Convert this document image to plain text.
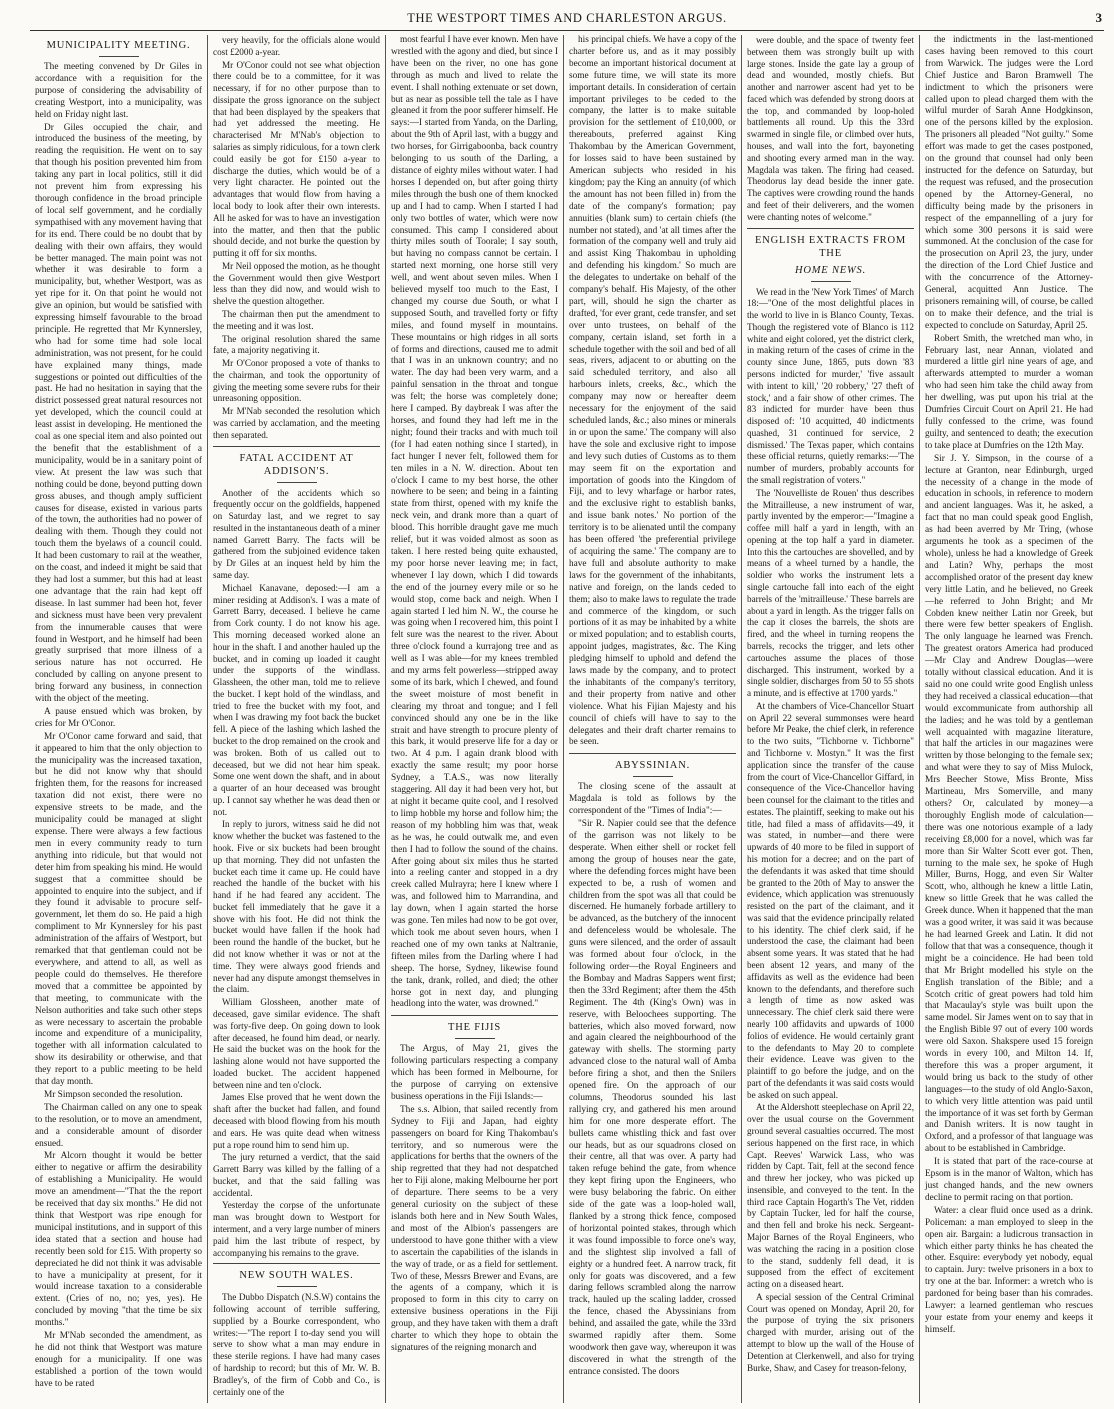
THE WESTPORT TIMES AND CHARLESTON ARGUS.	3
MUNICIPALITY MEETING.

The meeting convened by Dr Giles in accordance with a requisition for the purpose of considering the advisability of creating Westport, into a municipality, was held on Friday night last.

Dr Giles occupied the chair, and introduced the business of the meeting, by reading the requisition. He went on to say that though his position prevented him from taking any part in local politics, still it did not prevent him from expressing his thorough confidence in the broad principle of local self government, and he cordially sympathised with any movement having that for its end. There could be no doubt that by dealing with their own affairs, they would be better managed. The main point was not whether it was desirable to form a municipality, but, whether Westport, was as yet ripe for it. On that point he would not give an opinion, but would be satisfied with expressing himself favourable to the broad principle. He regretted that Mr Kynnersley, who had for some time had sole local administration, was not present, for he could have explained many things, made suggestions or pointed out difficulties of the past. He had no hesitation in saying that the district possessed great natural resources not yet developed, which the council could at least assist in developing. He mentioned the coal as one special item and also pointed out the benefit that the establishment of a municipality, would be in a sanitary point of view. At present the law was such that nothing could be done, beyond putting down gross abuses, and though amply sufficient causes for disease, existed in various parts of the town, the authorities had no power of dealing with them. Though they could not touch them the byelaws of a council could. It had been customary to rail at the weather, on the coast, and indeed it might be said that they had lost a summer, but this had at least one advantage that the rain had kept off disease. In last summer had been hot, fever and sickness must have been very prevalent from the innumerable causes that were found in Westport, and he himself had been greatly surprised that more illness of a serious nature has not occurred. He concluded by calling on anyone present to bring forward any business, in connection with the object of the meeting.

A pause ensued which was broken, by cries for Mr O'Conor.

Mr O'Conor came forward and said, that it appeared to him that the only objection to the municipality was the increased taxation, but he did not know why that should frighten them, for the reasons for increased taxation did not exist, there were no expensive streets to be made, and the municipality could be managed at slight expense. There were always a few factious men in every community ready to turn anything into ridicule, but that would not deter him from speaking his mind. He would suggest that a committee should be appointed to enquire into the subject, and if they found it advisable to procure self-government, let them do so. He paid a high compliment to Mr Kynnersley for his past administration of the affairs of Westport, but remarked that that gentleman could not be everywhere, and attend to all, as well as people could do themselves. He therefore moved that a committee be appointed by that meeting, to communicate with the Nelson authorities and take such other steps as were necessary to ascertain the probable income and expenditure of a municipality, together with all information calculated to show its desirability or otherwise, and that they report to a public meeting to be held that day month.

Mr Simpson seconded the resolution.

The Chairman called on any one to speak to the resolution, or to move an amendment, and a considerable amount of disorder ensued.

Mr Alcorn thought it would be better either to negative or affirm the desirability of establishing a Municipality. He would move an amendment—"That the the report be received that day six months." He did not think that Westport was ripe enough for municipal institutions, and in support of this idea stated that a section and house had recently been sold for £15. With property so depreciated he did not think it was advisable to have a municipality at present, for it would increase taxation to a considerable extent. (Cries of no, no; yes, yes). He concluded by moving "that the time be six months."

Mr M'Nab seconded the amendment, as he did not think that Westport was mature enough for a municipality. If one was established a portion of the town would have to be rated

very heavily, for the officials alone would cost £2000 a-year.

Mr O'Conor could not see what objection there could be to a committee, for it was necessary, if for no other purpose than to dissipate the gross ignorance on the subject that had been displayed by the speakers that had yet addressed the meeting. He characterised Mr M'Nab's objection to salaries as simply ridiculous, for a town clerk could easily be got for £150 a-year to discharge the duties, which would be of a very light character. He pointed out the advantages that would flow from having a local body to look after their own interests. All he asked for was to have an investigation into the matter, and then that the public should decide, and not burke the question by putting it off for six months.

Mr Neil opposed the motion, as he thought the Government would then give Westport less than they did now, and would wish to shelve the question altogether.

The chairman then put the amendment to the meeting and it was lost.

The original resolution shared the same fate, a majority negativing it.

Mr O'Conor proposed a vote of thanks to the chairman, and took the opportunity of giving the meeting some severe rubs for their unreasoning opposition.

Mr M'Nab seconded the resolution which was carried by acclamation, and the meeting then separated.

FATAL ACCIDENT AT ADDISON'S.

Another of the accidents which so frequently occur on the goldfields, happened on Saturday last, and we regret to say resulted in the instantaneous death of a miner named Garrett Barry. The facts will be gathered from the subjoined evidence taken by Dr Giles at an inquest held by him the same day.

Michael Kanavane, deposed:—I am a miner residing at Addison's. I was a mate of Garrett Barry, deceased. I believe he came from Cork county. I do not know his age. This morning deceased worked alone an hour in the shaft. I and another hauled up the bucket, and in coming up loaded it caught under the supports of the windlass. Glassheen, the other man, told me to relieve the bucket. I kept hold of the windlass, and tried to free the bucket with my foot, and when I was drawing my foot back the bucket fell. A piece of the lashing which lashed the bucket to the drop remained on the crook and was broken. Both of us called out to deceased, but we did not hear him speak. Some one went down the shaft, and in about a quarter of an hour deceased was brought up. I cannot say whether he was dead then or not.

In reply to jurors, witness said he did not know whether the bucket was fastened to the hook. Five or six buckets had been brought up that morning. They did not unfasten the bucket each time it came up. He could have reached the handle of the bucket with his hand if he had feared any accident. The bucket fell immediately that he gave it a shove with his foot. He did not think the bucket would have fallen if the hook had been round the handle of the bucket, but he did not know whether it was or not at the time. They were always good friends and never had any dispute amongst themselves in the claim.

William Glossheen, another mate of deceased, gave similar evidence. The shaft was forty-five deep. On going down to look after deceased, he found him dead, or nearly. He said the bucket was on the hook for the lashing alone would not have supported the loaded bucket. The accident happened between nine and ten o'clock.

James Else proved that he went down the shaft after the bucket had fallen, and found deceased with blood flowing from his mouth and ears. He was quite dead when witness put a rope round him to send him up.

The jury returned a verdict, that the said Garrett Barry was killed by the falling of a bucket, and that the said falling was accidental.

Yesterday the corpse of the unfortunate man was brought down to Westport for interment, and a very large number of miners paid him the last tribute of respect, by accompanying his remains to the grave.

NEW SOUTH WALES.

The Dubbo Dispatch (N.S.W) contains the following account of terrible suffering, supplied by a Bourke correspondent, who writes:—"The report I to-day send you will serve to show what a man may endure in these sterile regions. I have had many cases of hardship to record; but this of Mr. W. B. Bradley's, of the firm of Cobb and Co., is certainly one of the

most fearful I have ever known. Men have wrestled with the agony and died, but since I have been on the river, no one has gone through as much and lived to relate the event. I shall nothing extenuate or set down, but as near as possible tell the tale as I have gleaned it from the poor sufferer himself. He says:—I started from Yanda, on the Darling, about the 9th of April last, with a buggy and two horses, for Girrigaboonba, back country belonging to us south of the Darling, a distance of eighty miles without water. I had horses I depended on, but after going thirty miles through the bush one of them knocked up and I had to camp. When I started I had only two bottles of water, which were now consumed. This camp I considered about thirty miles south of Toorale; I say south, but having no compass cannot be certain. I started next morning, one horse still very well, and went about seven miles. When I believed myself too much to the East, I changed my course due South, or what I supposed South, and travelled forty or fifty miles, and found myself in mountains. These mountains or high ridges in all sorts of forms and directions, caused me to admit that I was in an unknown country; and no water. The day had been very warm, and a painful sensation in the throat and tongue was felt; the horse was completely done; here I camped. By daybreak I was after the horses, and found they had left me in the night; found their tracks and with much toil (for I had eaten nothing since I started), in fact hunger I never felt, followed them for ten miles in a N. W. direction. About ten o'clock I came to my best horse, the other nowhere to be seen; and being in a fainting state from thirst, opened with my knife the neck vein, and drank more than a quart of blood. This horrible draught gave me much relief, but it was voided almost as soon as taken. I here rested being quite exhausted, my poor horse never leaving me; in fact, whenever I lay down, which I did towards the end of the journey every mile or so he would stop, come back and neigh. When I again started I led him N. W., the course he was going when I recovered him, this point I felt sure was the nearest to the river. About three o'clock found a kurrajong tree and as well as I was able—for my knees trembled and my arms felt powerless—stripped away some of its bark, which I chewed, and found the sweet moisture of most benefit in clearing my throat and tongue; and I fell convinced should any one be in the like strait and have strength to procure plenty of this bark, it would preserve life for a day or two. At 4 p.m. I again drank blood with exactly the same result; my poor horse Sydney, a T.A.S., was now literally staggering. All day it had been very hot, but at night it became quite cool, and I resolved to limp hobble my horse and follow him; the reason of my hobbling him was that, weak as he was, he could outwalk me, and even then I had to follow the sound of the chains. After going about six miles thus he started into a reeling canter and stopped in a dry creek called Mulrayra; here I knew where I was, and followed him to Marrandina, and lay down, when I again started the horse was gone. Ten miles had now to be got over, which took me about seven hours, when I reached one of my own tanks at Naltranie, fifteen miles from the Darling where I had sheep. The horse, Sydney, likewise found the tank, drank, rolled, and died; the other horse got in next day, and plunging headlong into the water, was drowned."

THE FIJIS

The Argus, of May 21, gives the following particulars respecting a company which has been formed in Melbourne, for the purpose of carrying on extensive business operations in the Fiji Islands:—

The s.s. Albion, that sailed recently from Sydney to Fiji and Japan, had eighty passengers on board for King Thakombau's territory, and so numerous were the applications for berths that the owners of the ship regretted that they had not despatched her to Fiji alone, making Melbourne her port of departure. There seems to be a very general curiosity on the subject of these islands both here and in New South Wales, and most of the Albion's passengers are understood to have gone thither with a view to ascertain the capabilities of the islands in the way of trade, or as a field for settlement. Two of these, Messrs Brewer and Evans, are the agents of a company, which it is proposed to form in this city to carry on extensive business operations in the Fiji group, and they have taken with them a draft charter to which they hope to obtain the signatures of the reigning monarch and

his principal chiefs. We have a copy of the charter before us, and as it may possibly become an important historical document at some future time, we will state its more important details. In consideration of certain important privileges to be ceded to the company, the latter is to make suitable provision for the settlement of £10,000, or thereabouts, preferred against King Thakombau by the American Government, for losses said to have been sustained by American subjects who resided in his kingdom; pay the King an annuity (of which the amount has not been filled in) from the date of the company's formation; pay annuities (blank sum) to certain chiefs (the number not stated), and 'at all times after the formation of the company well and truly aid and assist King Thakombau in upholding and defending his kingdom.' So much are the delegates to undertake on behalf of the company's behalf. His Majesty, of the other part, will, should he sign the charter as drafted, 'for ever grant, cede transfer, and set over unto trustees, on behalf of the company, certain island, set forth in a schedule together with the soil and bed of all seas, rivers, adjacent to or abutting on the said scheduled territory, and also all harbours inlets, creeks, &c., which the company may now or hereafter deem necessary for the enjoyment of the said scheduled lands, &c.; also mines or minerals in or upon the same.' The company will also have the sole and exclusive right to impose and levy such duties of Customs as to them may seem fit on the exportation and importation of goods into the Kingdom of Fiji, and to levy wharfage or harbor rates, and the exclusive right to establish banks, and issue bank notes.' No portion of the territory is to be alienated until the company has been offered 'the preferential privilege of acquiring the same.' The company are to have full and absolute authority to make laws for the government of the inhabitants, native and foreign, on the lands ceded to them; also to make laws to regulate the trade and commerce of the kingdom, or such portions of it as may be inhabited by a white or mixed population; and to establish courts, appoint judges, magistrates, &c. The King pledging himself to uphold and defend the laws made by the company, and to protect the inhabitants of the company's territory, and their property from native and other violence. What his Fijian Majesty and his council of chiefs will have to say to the delegates and their draft charter remains to be seen.

ABYSSINIAN.

The closing scene of the assault at Magdala is told as follows by the correspondent of the "Times of India":—

"Sir R. Napier could see that the defence of the garrison was not likely to be desperate. When either shell or rocket fell among the group of houses near the gate, where the defending forces might have been expected to be, a rush of women and children from the spot was all that could be discerned. He humanely forbade artillery to be advanced, as the butchery of the innocent and defenceless would be wholesale. The guns were silenced, and the order of assault was formed about four o'clock, in the following order—the Royal Engineers and the Bombay and Madras Sappers went first; then the 33rd Regiment; after them the 45th Regiment. The 4th (King's Own) was in reserve, with Beloochees supporting. The batteries, which also moved forward, now and again cleared the neighbourhood of the gateway with shells. The storming party advanced close to the natural wall of Amba before firing a shot, and then the Snilers opened fire. On the approach of our columns, Theodorus sounded his last rallying cry, and gathered his men around him for one more desperate effort. The bullets came whistling thick and fast over our heads, but as our squadrons closed on their centre, all that was over. A party had taken refuge behind the gate, from whence they kept firing upon the Engineers, who were busy belaboring the fabric. On either side of the gate was a loop-holed wall, flanked by a strong thick fence, composed of horizontal pointed stakes, through which it was found impossible to force one's way, and the slightest slip involved a fall of eighty or a hundred feet. A narrow track, fit only for goats was discovered, and a few daring fellows scrambled along the narrow track, hauled up the scaling ladder, crossed the fence, chased the Abyssinians from behind, and assailed the gate, while the 33rd swarmed rapidly after them. Some woodwork then gave way, whereupon it was discovered in what the strength of the entrance consisted. The doors

were double, and the space of twenty feet between them was strongly built up with large stones. Inside the gate lay a group of dead and wounded, mostly chiefs. But another and narrower ascent had yet to be faced which was defended by strong doors at the top, and commanded by loop-holed battlements all round. Up this the 33rd swarmed in single file, or climbed over huts, houses, and wall into the fort, bayoneting and shooting every armed man in the way. Magdala was taken. The firing had ceased. Theodorus lay dead beside the inner gate. The captives were crowding round the hands and feet of their deliverers, and the women were chanting notes of welcome."

ENGLISH EXTRACTS FROM THE
HOME NEWS.

We read in the 'New York Times' of March 18:—"One of the most delightful places in the world to live in is Blanco County, Texas. Though the registered vote of Blanco is 112 white and eight colored, yet the district clerk, in making return of the cases of crime in the county since June, 1865, puts down '83 persons indicted for murder,' 'five assault with intent to kill,' '20 robbery,' '27 theft of stock,' and a fair show of other crimes. The 83 indicted for murder have been thus disposed of: '10 acquitted, 40 indictments quashed, 31 continued for service, 2 dismissed.' The Texas paper, which contains these official returns, quietly remarks:—'The number of murders, probably accounts for the small registration of voters."

The 'Nouvelliste de Rouen' thus describes the Mitrailleuse, a new instrument of war, partly invented by the emperor:—"Imagine a coffee mill half a yard in length, with an opening at the top half a yard in diameter. Into this the cartouches are shovelled, and by means of a wheel turned by a handle, the soldier who works the instrument lets a single cartouche fall into each of the eight barrels of the 'mitrailleuse.' These barrels are about a yard in length. As the trigger falls on the cap it closes the barrels, the shots are fired, and the wheel in turning reopens the barrels, recocks the trigger, and lets other cartouches assume the places of those discharged. This instrument, worked by a single soldier, discharges from 50 to 55 shots a minute, and is effective at 1700 yards."

At the chambers of Vice-Chancellor Stuart on April 22 several summonses were heard before Mr Peake, the chief clerk, in reference to the two suits, "Tichborne v. Tichborne" and Tichborne v. Mostyn." It was the first application since the transfer of the cause from the court of Vice-Chancellor Giffard, in consequence of the Vice-Chancellor having been counsel for the claimant to the titles and estates. The plaintiff, seeking to make out his title, had filed a mass of affidavits—49, it was stated, in number—and there were upwards of 40 more to be filed in support of his motion for a decree; and on the part of the defendants it was asked that time should be granted to the 20th of May to answer the evidence, which application was strenuously resisted on the part of the claimant, and it was said that the evidence principally related to his identity. The chief clerk said, if he understood the case, the claimant had been absent some years. It was stated that he had been absent 12 years, and many of the affidavits as well as the evidence had been known to the defendants, and therefore such a length of time as now asked was unnecessary. The chief clerk said there were nearly 100 affidavits and upwards of 1000 folios of evidence. He would certainly grant to the defendants to May 20 to complete their evidence. Leave was given to the plaintiff to go before the judge, and on the part of the defendants it was said costs would be asked on such appeal.

At the Aldershott steeplechase on April 22, over the usual course on the Government ground several casualties occurred. The most serious happened on the first race, in which Capt. Reeves' Warwick Lass, who was ridden by Capt. Tait, fell at the second fence and threw her jockey, who was picked up insensible, and conveyed to the tent. In the third race Captain Hogarth's The Vet, ridden by Captain Tucker, led for half the course, and then fell and broke his neck. Sergeant-Major Barnes of the Royal Engineers, who was watching the racing in a position close to the stand, suddenly fell dead, it is supposed from the effect of excitement acting on a diseased heart.

A special session of the Central Criminal Court was opened on Monday, April 20, for the purpose of trying the six prisoners charged with murder, arising out of the attempt to blow up the wall of the House of Detention at Clerkenwell, and also for trying Burke, Shaw, and Casey for treason-felony,

the indictments in the last-mentioned cases having been removed to this court from Warwick. The judges were the Lord Chief Justice and Baron Bramwell The indictment to which the prisoners were called upon to plead charged them with the wilful murder of Sarah Anne Hodgkinson, one of the persons killed by the explosion. The prisoners all pleaded "Not guilty." Some effort was made to get the cases postponed, on the ground that counsel had only been instructed for the defence on Saturday, but the request was refused, and the prosecution opened by the Attorney-General, no difficulty being made by the prisoners in respect of the empannelling of a jury for which some 300 persons it is said were summoned. At the conclusion of the case for the prosecution on April 23, the jury, under the direction of the Lord Chief Justice and with the concurrence of the Attorney-General, acquitted Ann Justice. The prisoners remaining will, of course, be called on to make their defence, and the trial is expected to conclude on Saturday, April 25.

Robert Smith, the wretched man who, in February last, near Annan, violated and murdered a little girl nine years of age, and afterwards attempted to murder a woman who had seen him take the child away from her dwelling, was put upon his trial at the Dumfries Circuit Court on April 21. He had fully confessed to the crime, was found guilty, and sentenced to death; the execution to take place at Dumfries on the 12th May.

Sir J. Y. Simpson, in the course of a lecture at Granton, near Edinburgh, urged the necessity of a change in the mode of education in schools, in reference to modern and ancient languages. Was it, he asked, a fact that no man could speak good English, as had been averred by Mr Tring, (whose arguments he took as a specimen of the whole), unless he had a knowledge of Greek and Latin? Why, perhaps the most accomplished orator of the present day knew very little Latin, and he believed, no Greek—he referred to John Bright; and Mr Cobden knew neither Latin nor Greek, but there were few better speakers of English. The only language he learned was French. The greatest orators America had produced—Mr Clay and Andrew Douglas—were totally without classical education. And it is said no one could write good English unless they had received a classical education—that would excommunicate from authorship all the ladies; and he was told by a gentleman well acquainted with magazine literature, that half the articles in our magazines were written by those belonging to the female sex; and what were they to say of Miss Mulock, Mrs Beecher Stowe, Miss Bronte, Miss Martineau, Mrs Somerville, and many others? Or, calculated by money—a thoroughly English mode of calculation—there was one notorious example of a lady receiving £8,000 for a novel, which was far more than Sir Walter Scott ever got. Then, turning to the male sex, he spoke of Hugh Miller, Burns, Hogg, and even Sir Walter Scott, who, although he knew a little Latin, knew so little Greek that he was called the Greek dunce. When it happened that the man was a good writer, it was said it was because he had learned Greek and Latin. It did not follow that that was a consequence, though it might be a coincidence. He had been told that Mr Bright modelled his style on the English translation of the Bible; and a Scotch critic of great powers had told him that Macaulay's style was built upon the same model. Sir James went on to say that in the English Bible 97 out of every 100 words were old Saxon. Shakspere used 15 foreign words in every 100, and Milton 14. If, therefore this was a proper argument, it would bring us back to the study of other languages—to the study of old Anglo-Saxon, to which very little attention was paid until the importance of it was set forth by German and Danish writers. It is now taught in Oxford, and a professor of that language was about to be established in Cambridge.

It is stated that part of the race-course at Epsom is in the manor of Walton, which has just changed hands, and the new owners decline to permit racing on that portion.

Water: a clear fluid once used as a drink. Policeman: a man employed to sleep in the open air. Bargain: a ludicrous transaction in which either party thinks he has cheated the other. Esquire: everybody yet nobody, equal to captain. Jury: twelve prisoners in a box to try one at the bar. Informer: a wretch who is pardoned for being baser than his comrades. Lawyer: a learned gentleman who rescues your estate from your enemy and keeps it himself.
